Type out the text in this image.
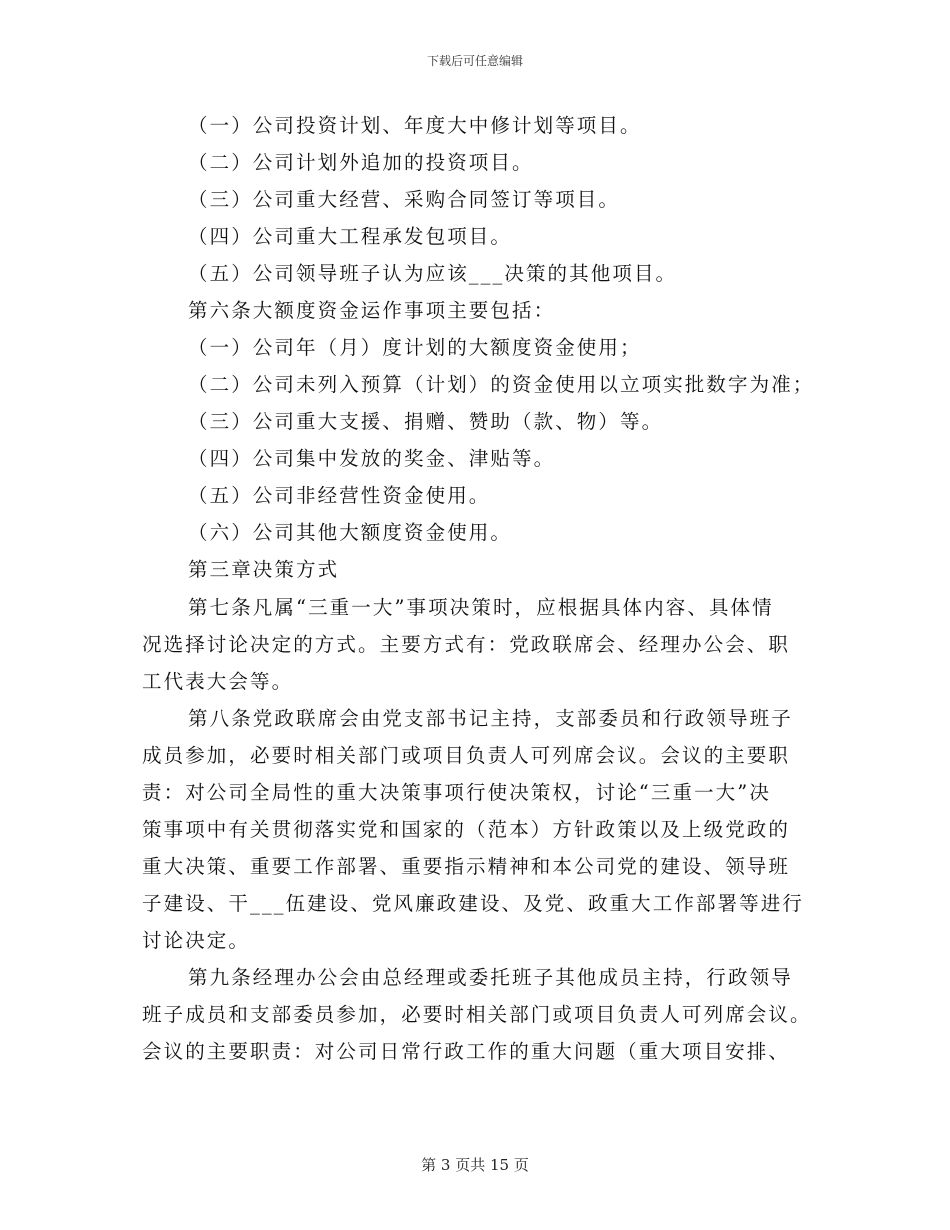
下载后可任意编辑
（一）公司投资计划、年度大中修计划等项目。
（二）公司计划外追加的投资项目。
（三）公司重大经营、采购合同签订等项目。
（四）公司重大工程承发包项目。
（五）公司领导班子认为应该___决策的其他项目。
第六条大额度资金运作事项主要包括：
（一）公司年（月）度计划的大额度资金使用；
（二）公司未列入预算（计划）的资金使用以立项实批数字为准；
（三）公司重大支援、捐赠、赞助（款、物）等。
（四）公司集中发放的奖金、津贴等。
（五）公司非经营性资金使用。
（六）公司其他大额度资金使用。
第三章决策方式
第七条凡属“三重一大”事项决策时，应根据具体内容、具体情
况选择讨论决定的方式。主要方式有：党政联席会、经理办公会、职
工代表大会等。
第八条党政联席会由党支部书记主持，支部委员和行政领导班子
成员参加，必要时相关部门或项目负责人可列席会议。会议的主要职
责：对公司全局性的重大决策事项行使决策权，讨论“三重一大”决
策事项中有关贯彻落实党和国家的（范本）方针政策以及上级党政的
重大决策、重要工作部署、重要指示精神和本公司党的建设、领导班
子建设、干___伍建设、党风廉政建设、及党、政重大工作部署等进行
讨论决定。
第九条经理办公会由总经理或委托班子其他成员主持，行政领导
班子成员和支部委员参加，必要时相关部门或项目负责人可列席会议。
会议的主要职责：对公司日常行政工作的重大问题（重大项目安排、
第 3 页共 15 页
